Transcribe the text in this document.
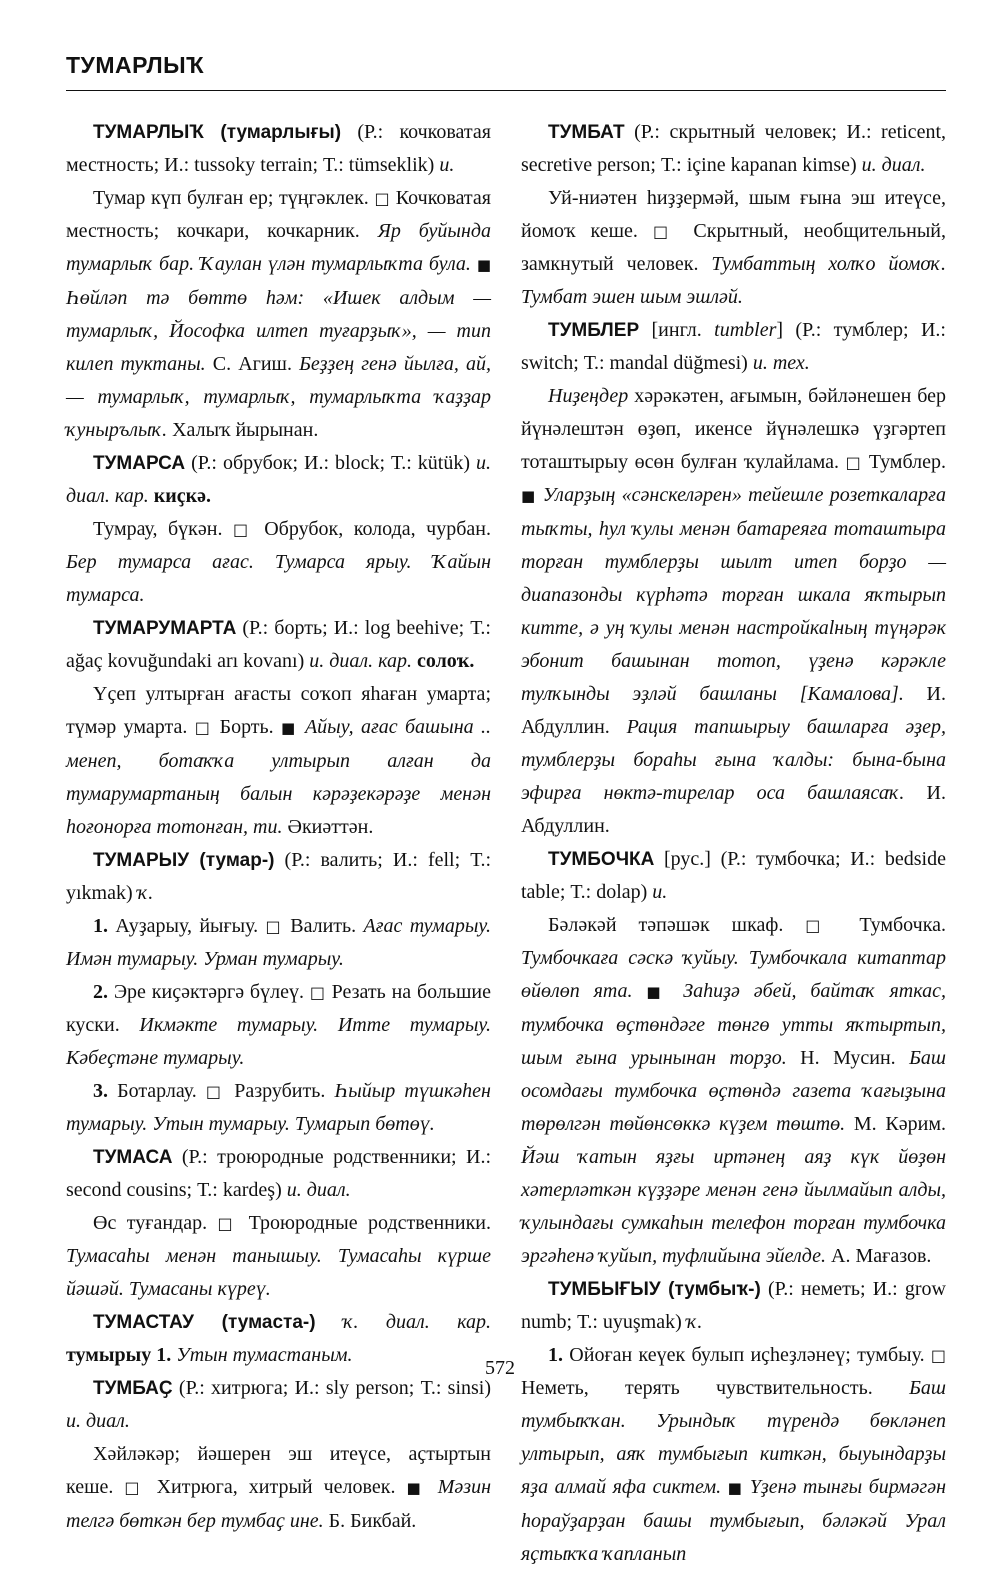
ТУМАРЛЫҠ

ТУМАРЛЫҠ (тумарлығы) (Р.: кочковатая местность; И.: tussoky terrain; Т.: tümseklik) и.

Тумар күп булған ер; түңгәклек. □ Кочковатая местность; кочкари, кочкарник. Яр буйында тумарлыҡ бар. Ҡаулан үлән тумарлыҡта була. ■ Һөйләп тә бөттө һәм: «Ишек алдым — тумарлыҡ, Йософка илтеп туғарҙыҡ», — тип килеп туктаны. С. Агиш. Беҙҙең генә йылға, ай, — тумарлыҡ, тумарлыҡ, тумарлыҡта ҡаҙҙар ҡунырълыҡ. Халыҡ йырынан.

ТУМАРСА (Р.: обрубок; И.: block; Т.: kütük) и. диал. кар. киҫкә.

Тумрау, бүкән. □ Обрубок, колода, чурбан. Бер тумарса ағас. Тумарса ярыу. Ҡайын тумарса.

ТУМАРУМАРТА (Р.: борть; И.: log beehive; Т.: ağaç kovuğundaki arı kovanı) и. диал. кар. солоҡ.

Үҫеп ултырған ағасты соҡоп яһаған умарта; түмәр умарта. □ Борть. ■ Айыу, ағас башына .. менеп, ботаҡҡа ултырып алған да тумарумартаның балын кәрәҙекәрәҙе менән һоғонорға тотонған, ти. Әкиәттән.

ТУМАРЫУ (тумар-) (Р.: валить; И.: fell; Т.: yıkmak) ҡ.

1. Ауҙарыу, йығыу. □ Валить. Ағас тумарыу. Имән тумарыу. Урман тумарыу.

2. Эре киҫәктәргә бүлеү. □ Резать на большие куски. Икмәкте тумарыу. Итте тумарыу. Кәбеҫтәне тумарыу.

3. Ботарлау. □ Разрубить. Һыйыр түшкәһен тумарыу. Утын тумарыу. Тумарып бөтөү.

ТУМАСА (Р.: троюродные родственники; И.: second cousins; Т.: kardeş) и. диал.

Өс туғандар. □ Троюродные родственники. Тумасаһы менән танышыу. Тумасаһы күрше йәшәй. Тумасаны күреү.

ТУМАСТАУ (тумаста-) ҡ. диал. кар. тумырыу 1. Утын тумастаным.

ТУМБАҪ (Р.: хитрюга; И.: sly person; Т.: sinsi) и. диал.

Хәйләкәр; йәшерен эш итеүсе, аҫтыртын кеше. □ Хитрюга, хитрый человек. ■ Мәзин телгә бөткән бер тумбаҫ ине. Б. Бикбай.

ТУМБАТ (Р.: скрытный человек; И.: reticent, secretive person; Т.: içine kapanan kimse) и. диал.

Уй-ниәтен һиҙҙермәй, шым ғына эш итеүсе, йомоҡ кеше. □ Скрытный, необщительный, замкнутый человек. Тумбаттың холҡо йомоҡ. Тумбат эшен шым эшләй.

ТУМБЛЕР [ингл. tumbler] (Р.: тумблер; И.: switch; Т.: mandal düğmesi) и. тех.

Ниҙеңдер хәрәкәтен, ағымын, бәйләнешен бер йүнәлештән өҙөп, икенсе йүнәлешкә үҙгәртеп тоташтырыу өсөн булған ҡулайлама. □ Тумблер. ■ Уларҙың «сәнскеләрен» тейешле розеткаларға тыҡты, һул ҡулы менән батареяға тоташтыра торған тумблерҙы шылт итеп борҙо — диапазонды күрһәтә торған шкала яҡтырып китте, ә уң ҡулы менән настройкаlның түңәрәк эбонит башынан тотоп, үҙенә кәрәкле тулҡынды эҙләй башланы [Камалова]. И. Абдуллин. Рация тапшырыу башларға әҙер, тумблерҙы бораһы ғына ҡалды: бына-бына эфирға нөктә-тирелар оса башлаясаҡ. И. Абдуллин.

ТУМБОЧКА [рус.] (Р.: тумбочка; И.: bedside table; Т.: dolap) и.

Бәләкәй тәпәшәк шкаф. □ Тумбочка. Тумбочкаға сәскә ҡуйыу. Тумбочкала китаптар өйөлөп ята. ■ Заһиҙә әбей, байтаҡ яткас, тумбочка өҫтөндәге төнгө утты яҡтыртып, шым ғына урынынан торҙо. Н. Мусин. Баш осомдағы тумбочка өҫтөндә газета ҡағыҙына төрөлгән төйөнсөккә күҙем төштө. М. Кәрим. Йәш ҡатын яҙғы иртәнең аяҙ күк йөҙөн хәтерләткән күҙҙәре менән генә йылмайып алды, ҡулындағы сумкаһын телефон торған тумбочка эргәһенә ҡуйып, туфлийына эйелде. А. Мағазов.

ТУМБЫҒЫУ (тумбыҡ-) (Р.: неметь; И.: grow numb; Т.: uyuşmak) ҡ.

1. Ойоған кеүек булып иҫһеҙләнеү; тумбыу. □ Неметь, терять чувствительность. Баш тумбыҡҡан. Урындыҡ түрендә бөкләнеп ултырып, аяҡ тумбығып киткән, быуындарҙы яҙа алмай яфа сиктем. ■ Үҙенә тынғы бирмәгән һораўҙарҙан башы тумбығып, бәләкәй Урал яҫтыҡҡа ҡапланып

572
